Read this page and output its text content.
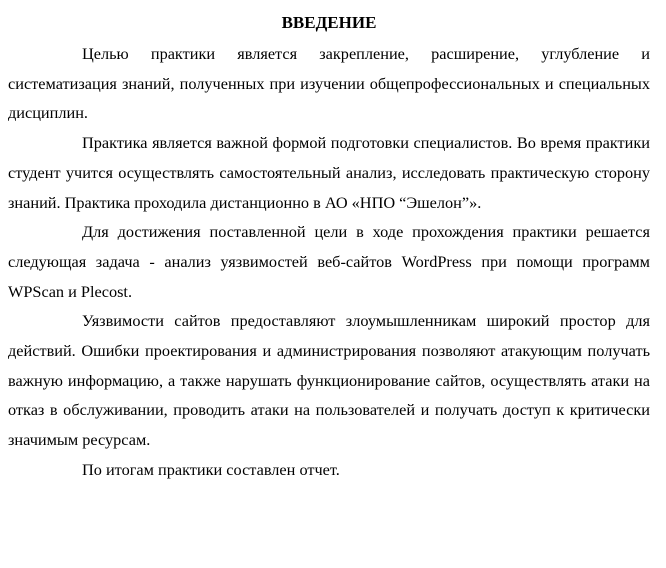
ВВЕДЕНИЕ

Целью практики является закрепление, расширение, углубление и систематизация знаний, полученных при изучении общепрофессиональных и специальных дисциплин.

Практика является важной формой подготовки специалистов. Во время практики студент учится осуществлять самостоятельный анализ, исследовать практическую сторону знаний. Практика проходила дистанционно в АО «НПО “Эшелон”».

Для достижения поставленной цели в ходе прохождения практики решается следующая задача - анализ уязвимостей веб-сайтов WordPress при помощи программ WPScan и Plecost.

Уязвимости сайтов предоставляют злоумышленникам широкий простор для действий. Ошибки проектирования и администрирования позволяют атакующим получать важную информацию, а также нарушать функционирование сайтов, осуществлять атаки на отказ в обслуживании, проводить атаки на пользователей и получать доступ к критически значимым ресурсам.

По итогам практики составлен отчет.
